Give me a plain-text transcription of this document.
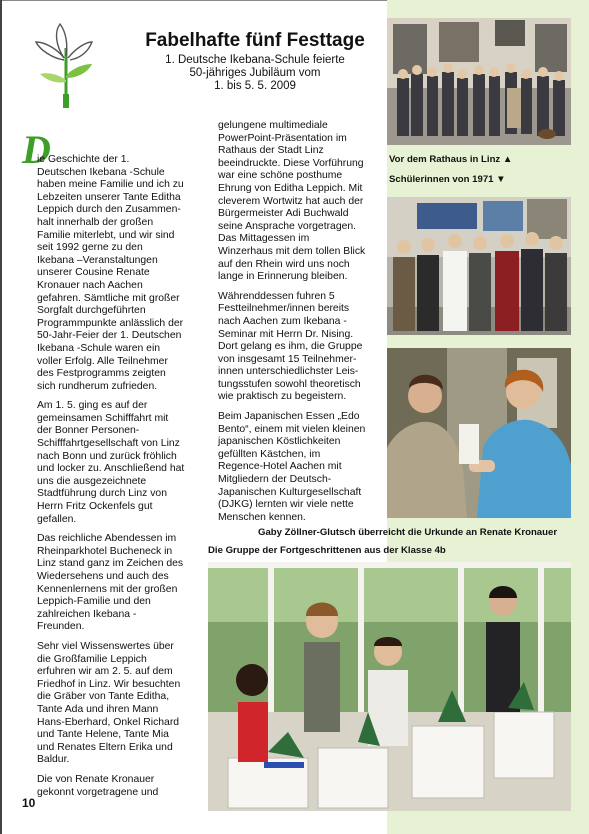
Fabelhafte fünf Festtage
1. Deutsche Ikebana-Schule feierte
50-jähriges Jubiläum vom
1. bis 5. 5. 2009
D

ie Geschichte der 1.
Deutschen Ikebana -Schule
haben meine Familie und ich zu
Lebzeiten unserer Tante Editha
Leppich durch den Zusammen-
halt innerhalb der großen
Familie miterlebt, und wir sind
seit 1992 gerne zu den
Ikebana –Veranstaltungen
unserer Cousine Renate
Kronauer nach Aachen
gefahren. Sämtliche mit großer
Sorgfalt durchgeführten
Programmpunkte anlässlich der
50-Jahr-Feier der 1. Deutschen
Ikebana -Schule waren ein
voller Erfolg. Alle Teilnehmer
des Festprogramms zeigten
sich rundherum zufrieden.

Am 1. 5. ging es auf der
gemeinsamen Schifffahrt mit
der Bonner Personen-
Schifffahrtgesellschaft von Linz
nach Bonn und zurück fröhlich
und locker zu. Anschließend hat
uns die ausgezeichnete
Stadtführung durch Linz von
Herrn Fritz Ockenfels gut
gefallen.

Das reichliche Abendessen im
Rheinparkhotel Bucheneck in
Linz stand ganz im Zeichen des
Wiedersehens und auch des
Kennenlernens mit der großen
Leppich-Familie und den
zahlreichen Ikebana -
Freunden.

Sehr viel Wissenswertes über
die Großfamilie Leppich
erfuhren wir am 2. 5. auf dem
Friedhof in Linz. Wir besuchten
die Gräber von Tante Editha,
Tante Ada und ihren Mann
Hans-Eberhard, Onkel Richard
und Tante Helene, Tante Mia
und Renates Eltern Erika und
Baldur.

Die von Renate Kronauer
gekonnt vorgetragene und

gelungene multimediale
PowerPoint-Präsentation im
Rathaus der Stadt Linz
beeindruckte. Diese Vorführung
war eine schöne posthume
Ehrung von Editha Leppich. Mit
cleverem Wortwitz hat auch der
Bürgermeister Adi Buchwald
seine Ansprache vorgetragen.
Das Mittagessen im
Winzerhaus mit dem tollen Blick
auf den Rhein wird uns noch
lange in Erinnerung bleiben.

Währenddessen fuhren 5
Festteilnehmer/innen bereits
nach Aachen zum Ikebana -
Seminar mit Herrn Dr. Nising.
Dort gelang es ihm, die Gruppe
von insgesamt 15 Teilnehmer-
innen unterschiedlichster Leis-
tungsstufen sowohl theoretisch
wie praktisch zu begeistern.

Beim Japanischen Essen „Edo
Bento“, einem mit vielen kleinen
japanischen Köstlichkeiten
gefüllten Kästchen, im
Regence-Hotel Aachen mit
Mitgliedern der Deutsch-
Japanischen Kulturgesellschaft
(DJKG) lernten wir viele nette
Menschen kennen.

Vor dem Rathaus in Linz ▲
Schülerinnen von 1971 ▼
Gaby Zöllner-Glutsch überreicht die Urkunde an Renate Kronauer
Die Gruppe der Fortgeschrittenen aus der Klasse 4b
10
